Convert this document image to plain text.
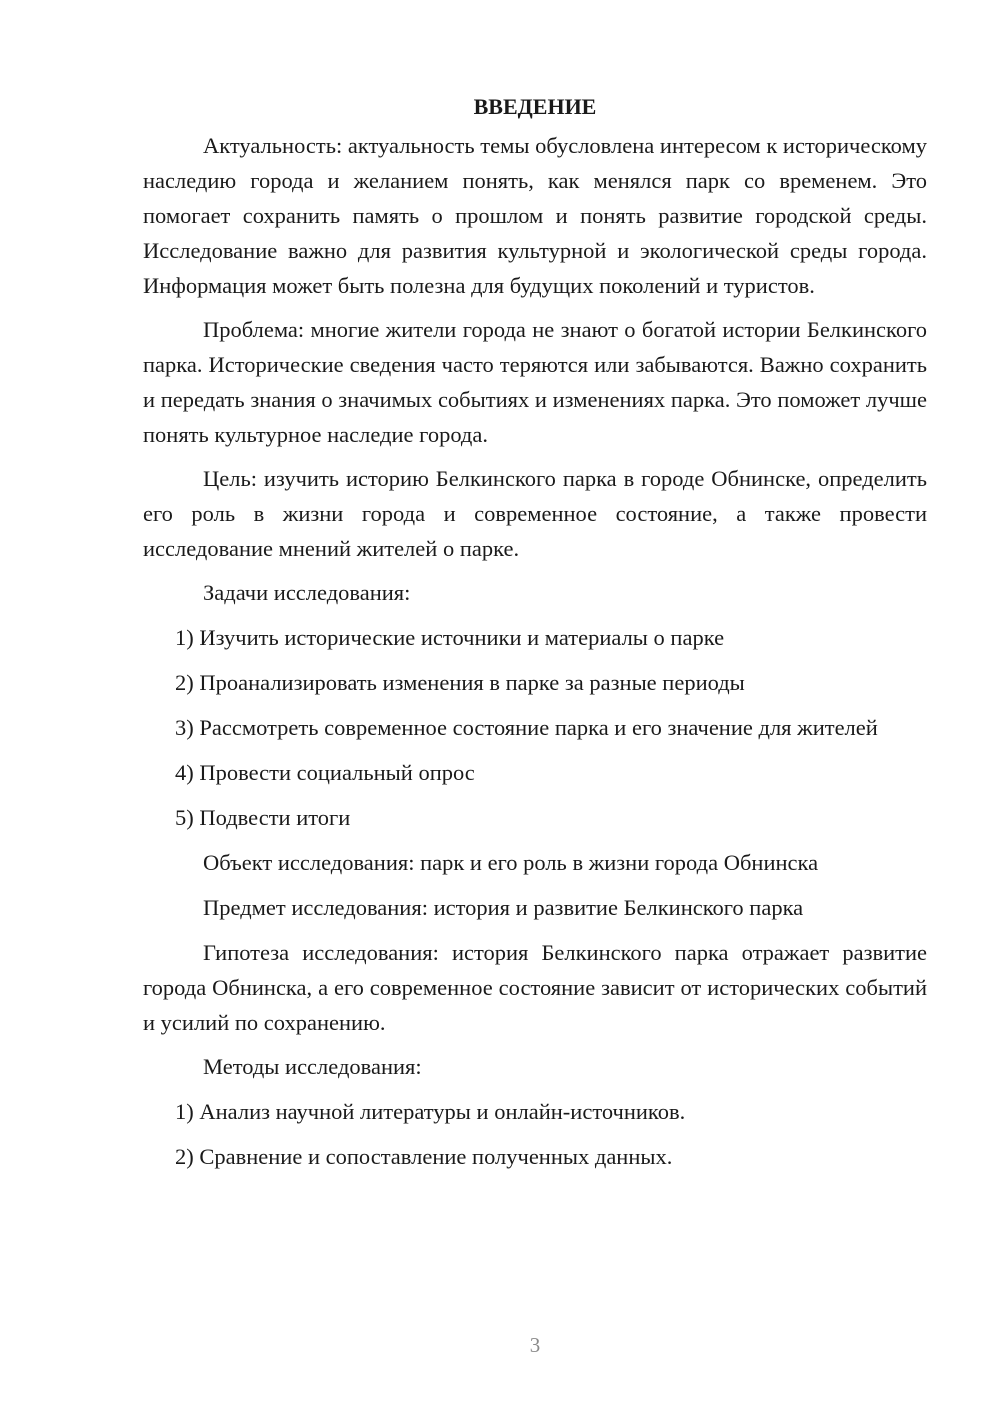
ВВЕДЕНИЕ
Актуальность: актуальность темы обусловлена интересом к историческому наследию города и желанием понять, как менялся парк со временем. Это помогает сохранить память о прошлом и понять развитие городской среды. Исследование важно для развития культурной и экологической среды города. Информация может быть полезна для будущих поколений и туристов.
Проблема: многие жители города не знают о богатой истории Белкинского парка. Исторические сведения часто теряются или забываются. Важно сохранить и передать знания о значимых событиях и изменениях парка. Это поможет лучше понять культурное наследие города.
Цель: изучить историю Белкинского парка в городе Обнинске, определить его роль в жизни города и современное состояние, а также провести исследование мнений жителей о парке.
Задачи исследования:
1) Изучить исторические источники и материалы о парке
2) Проанализировать изменения в парке за разные периоды
3) Рассмотреть современное состояние парка и его значение для жителей
4) Провести социальный опрос
5) Подвести итоги
Объект исследования: парк и его роль в жизни города Обнинска
Предмет исследования: история и развитие Белкинского парка
Гипотеза исследования: история Белкинского парка отражает развитие города Обнинска, а его современное состояние зависит от исторических событий и усилий по сохранению.
Методы исследования:
1) Анализ научной литературы и онлайн-источников.
2) Сравнение и сопоставление полученных данных.
3
